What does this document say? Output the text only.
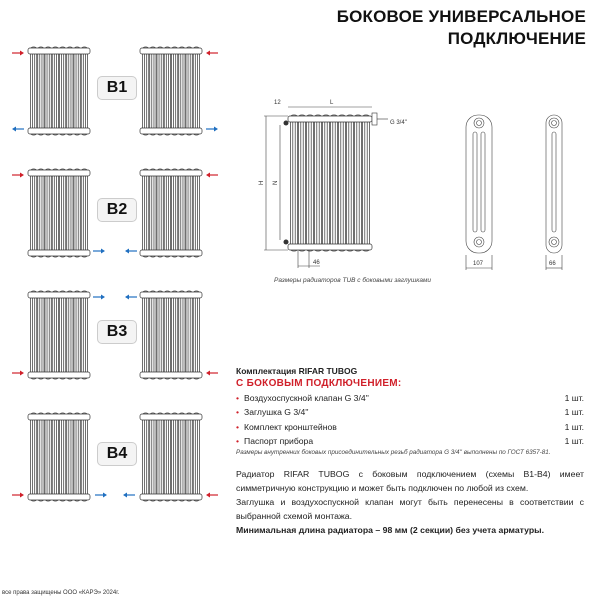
БОКОВОЕ УНИВЕРСАЛЬНОЕ
ПОДКЛЮЧЕНИЕ
B1
B2
B3
B4
12	L
G 3/4''
H N
46	107	66
Размеры радиаторов TUB с боковыми заглушками
Комплектация RIFAR TUBOG
С БОКОВЫМ ПОДКЛЮЧЕНИЕМ:
• Воздухоспускной клапан G 3/4''	1 шт.
• Заглушка G 3/4''	1 шт.
• Комплект кронштейнов	1 шт.
• Паспорт прибора	1 шт.
Размеры внутренних боковых присоединительных резьб радиатора G 3/4'' выполнены по ГОСТ 6357-81.

Радиатор RIFAR TUBOG с боковым подключением (схемы В1-В4) имеет симметричную конструкцию и может быть подключен по любой из схем.

Заглушка и воздухоспускной клапан могут быть перенесены в соответствии с выбранной схемой монтажа.

Минимальная длина радиатора – 98 мм (2 секции) без учета арматуры.

все права защищены ООО «КАРЭ» 2024г.
